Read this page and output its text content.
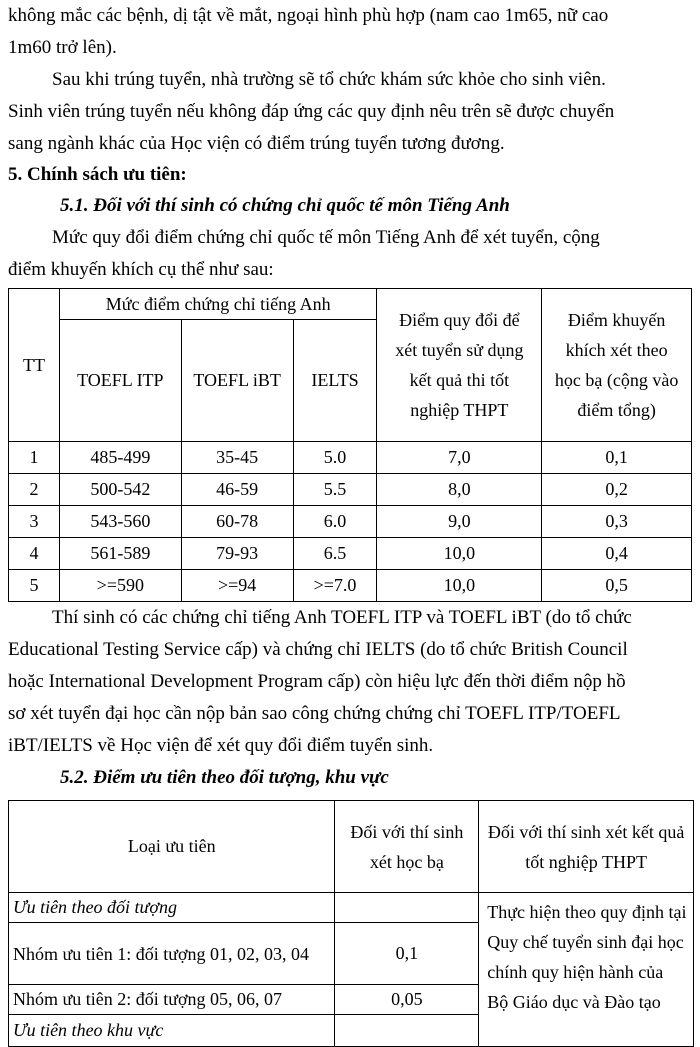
không mắc các bệnh, dị tật về mắt, ngoại hình phù hợp (nam cao 1m65, nữ cao

1m60 trở lên).

Sau khi trúng tuyển, nhà trường sẽ tổ chức khám sức khỏe cho sinh viên.

Sinh viên trúng tuyển nếu không đáp ứng các quy định nêu trên sẽ được chuyển

sang ngành khác của Học viện có điểm trúng tuyển tương đương.

5. Chính sách ưu tiên:
5.1. Đối với thí sinh có chứng chỉ quốc tế môn Tiếng Anh

Mức quy đổi điểm chứng chỉ quốc tế môn Tiếng Anh để xét tuyển, cộng

điểm khuyến khích cụ thể như sau:

TT	Mức điểm chứng chỉ tiếng Anh			Điểm quy đổi để xét tuyển sử dụng kết quả thi tốt nghiệp THPT	Điểm khuyến khích xét theo học bạ (cộng vào điểm tổng)
	TOEFL ITP	TOEFL iBT	IELTS		
1	485-499	35-45	5.0	7,0	0,1
2	500-542	46-59	5.5	8,0	0,2
3	543-560	60-78	6.0	9,0	0,3
4	561-589	79-93	6.5	10,0	0,4
5	>=590	>=94	>=7.0	10,0	0,5

Thí sinh có các chứng chỉ tiếng Anh TOEFL ITP và TOEFL iBT (do tổ chức

Educational Testing Service cấp) và chứng chỉ IELTS (do tổ chức British Council

hoặc International Development Program cấp) còn hiệu lực đến thời điểm nộp hồ

sơ xét tuyển đại học cần nộp bản sao công chứng chứng chỉ TOEFL ITP/TOEFL

iBT/IELTS về Học viện để xét quy đổi điểm tuyển sinh.

5.2. Điểm ưu tiên theo đối tượng, khu vực
Loại ưu tiên	Đối với thí sinh xét học bạ	Đối với thí sinh xét kết quả tốt nghiệp THPT
Ưu tiên theo đối tượng		Thực hiện theo quy định tại Quy chế tuyển sinh đại học chính quy hiện hành của Bộ Giáo dục và Đào tạo
Nhóm ưu tiên 1: đối tượng 01, 02, 03, 04	0,1	
Nhóm ưu tiên 2: đối tượng 05, 06, 07	0,05	
Ưu tiên theo khu vực		
